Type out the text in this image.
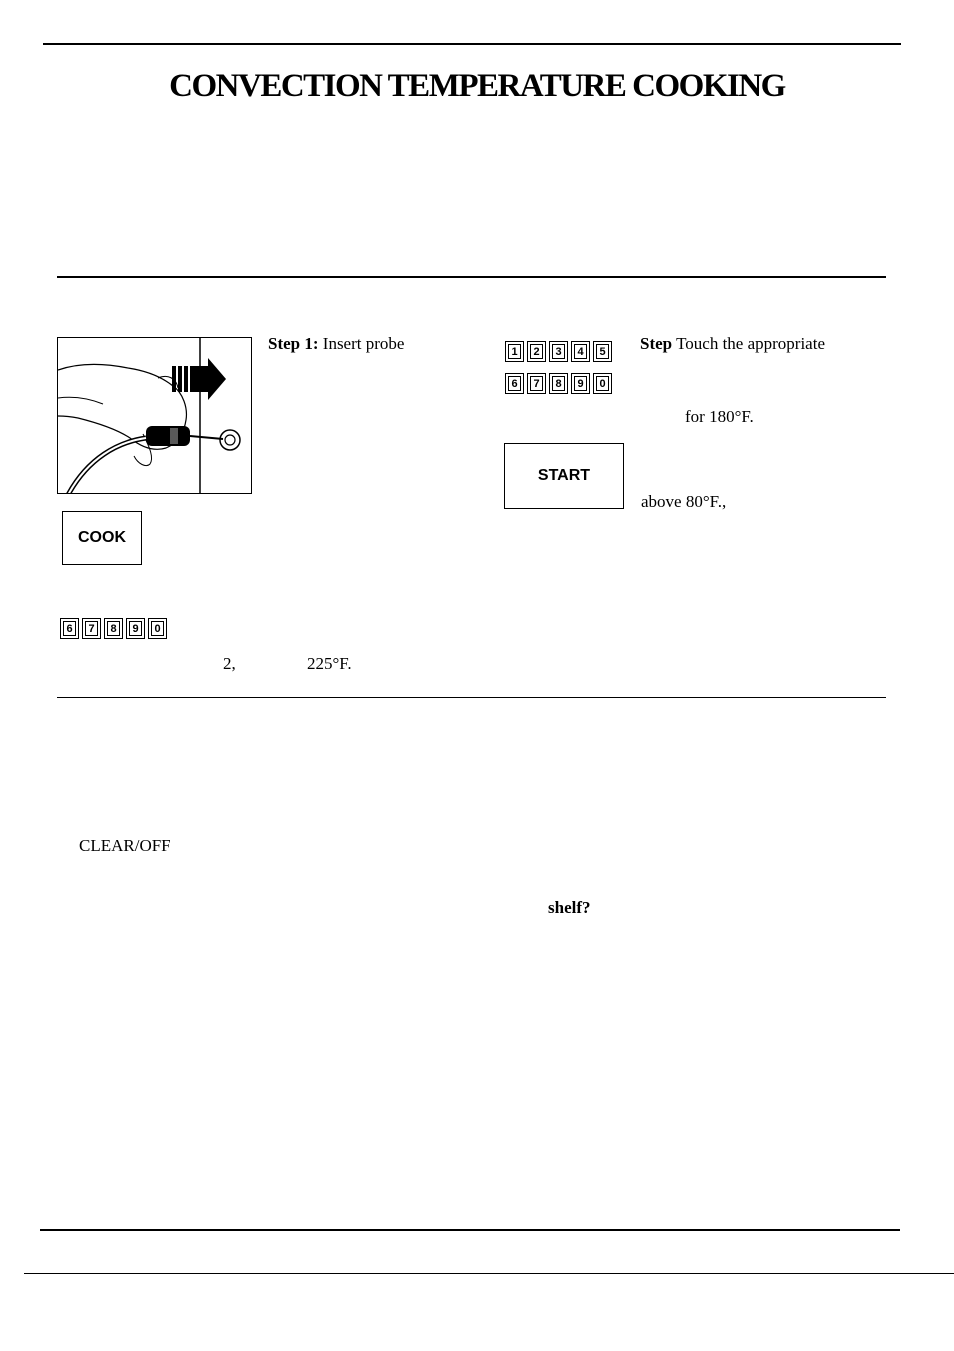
CONVECTION TEMPERATURE COOKING
Step 1: Insert probe
COOK
6	7	8	9	0
2,	225°F.
1	2	3	4	5
6	7	8	9	0
Step Touch the appropriate
for 180°F.
START
above 80°F.,
CLEAR/OFF
shelf?
